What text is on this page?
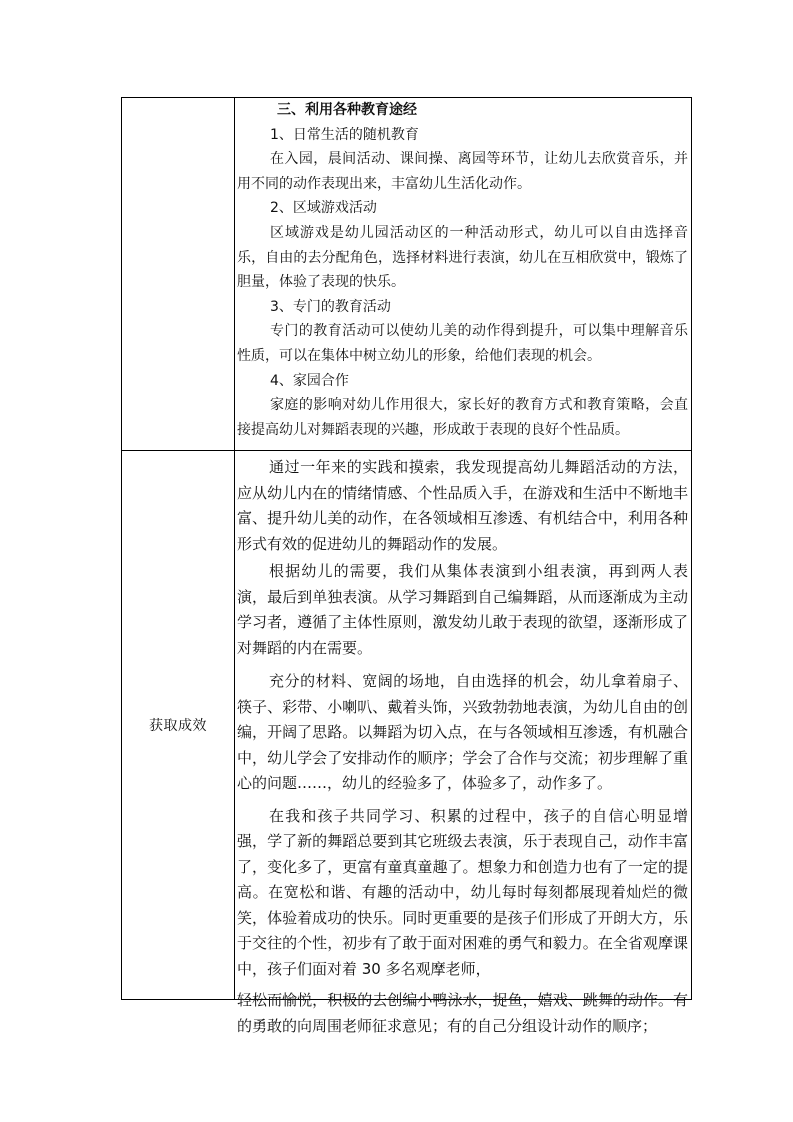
三、利用各种教育途经

1、日常生活的随机教育

在入园，晨间活动、课间操、离园等环节，让幼儿去欣赏音乐，并用不同的动作表现出来，丰富幼儿生活化动作。

2、区域游戏活动

区域游戏是幼儿园活动区的一种活动形式，幼儿可以自由选择音乐，自由的去分配角色，选择材料进行表演，幼儿在互相欣赏中，锻炼了胆量，体验了表现的快乐。

3、专门的教育活动

专门的教育活动可以使幼儿美的动作得到提升，可以集中理解音乐性质，可以在集体中树立幼儿的形象，给他们表现的机会。

4、家园合作

家庭的影响对幼儿作用很大，家长好的教育方式和教育策略，会直接提高幼儿对舞蹈表现的兴趣，形成敢于表现的良好个性品质。

获取成效

通过一年来的实践和摸索，我发现提高幼儿舞蹈活动的方法，应从幼儿内在的情绪情感、个性品质入手，在游戏和生活中不断地丰富、提升幼儿美的动作，在各领域相互渗透、有机结合中，利用各种形式有效的促进幼儿的舞蹈动作的发展。

根据幼儿的需要，我们从集体表演到小组表演，再到两人表演，最后到单独表演。从学习舞蹈到自己编舞蹈，从而逐渐成为主动学习者，遵循了主体性原则，激发幼儿敢于表现的欲望，逐渐形成了对舞蹈的内在需要。

充分的材料、宽阔的场地，自由选择的机会，幼儿拿着扇子、筷子、彩带、小喇叭、戴着头饰，兴致勃勃地表演，为幼儿自由的创编，开阔了思路。以舞蹈为切入点，在与各领域相互渗透，有机融合中，幼儿学会了安排动作的顺序；学会了合作与交流；初步理解了重心的问题……，幼儿的经验多了，体验多了，动作多了。

在我和孩子共同学习、积累的过程中，孩子的自信心明显增强，学了新的舞蹈总要到其它班级去表演，乐于表现自己，动作丰富了，变化多了，更富有童真童趣了。想象力和创造力也有了一定的提高。在宽松和谐、有趣的活动中，幼儿每时每刻都展现着灿烂的微笑，体验着成功的快乐。同时更重要的是孩子们形成了开朗大方，乐于交往的个性，初步有了敢于面对困难的勇气和毅力。在全省观摩课中，孩子们面对着 30 多名观摩老师，

轻松而愉悦，积极的去创编小鸭泳水，捉鱼，嬉戏、跳舞的动作。有的勇敢的向周围老师征求意见；有的自己分组设计动作的顺序；
